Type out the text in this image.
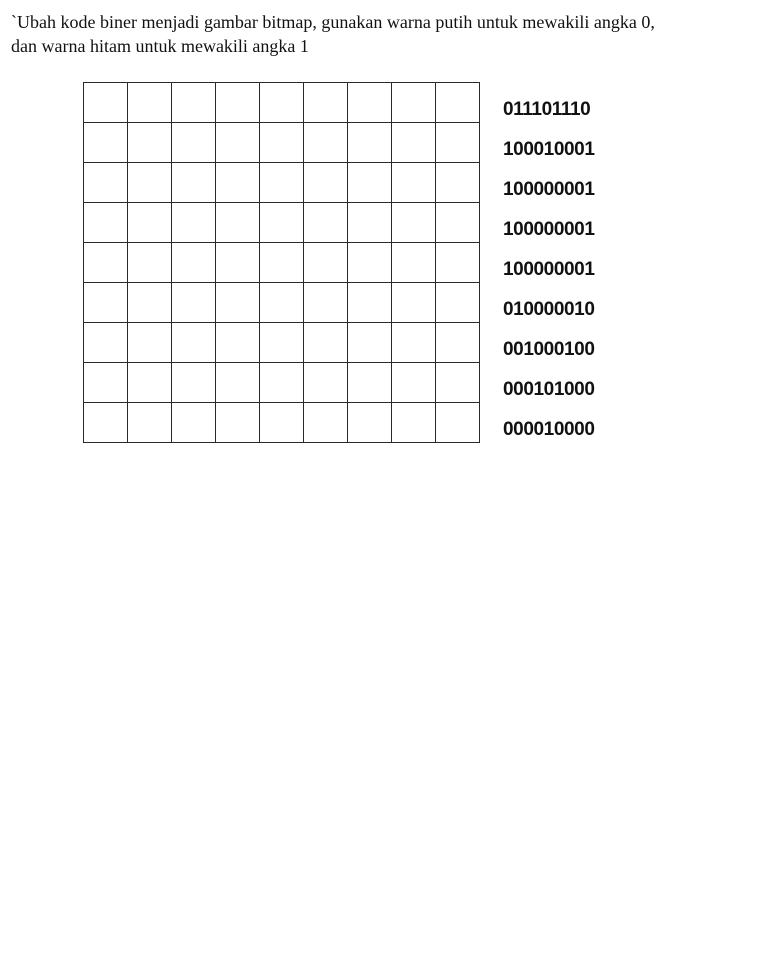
`Ubah kode biner menjadi gambar bitmap, gunakan warna putih untuk mewakili angka 0,
dan warna hitam untuk mewakili angka 1

011101110
100010001
100000001
100000001
100000001
010000010
001000100
000101000
000010000
